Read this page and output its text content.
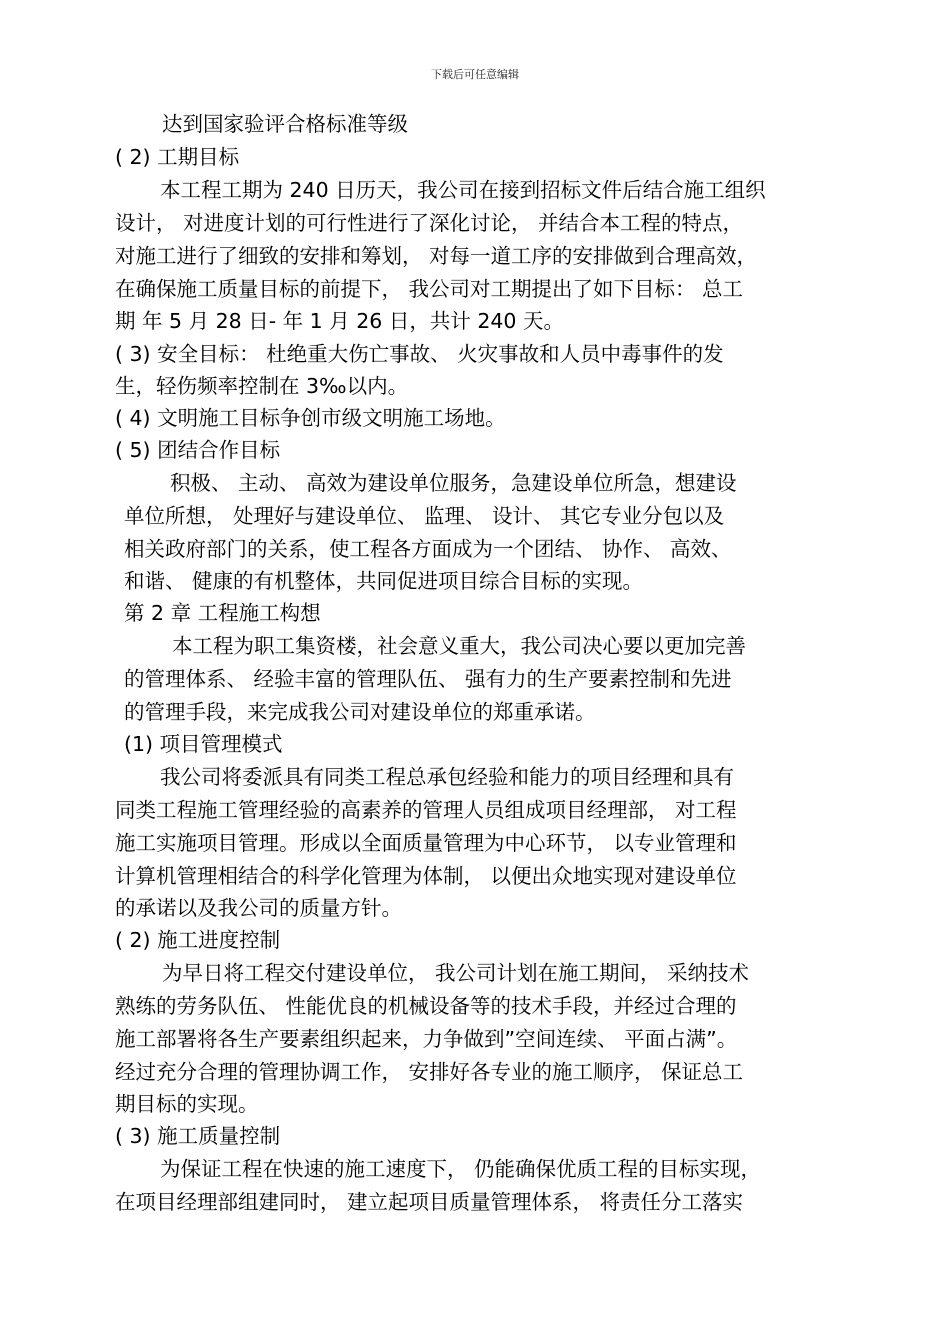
下载后可任意编辑
达到国家验评合格标准等级
( 2) 工期目标
本工程工期为 240 日历天，我公司在接到招标文件后结合施工组织
设计， 对进度计划的可行性进行了深化讨论， 并结合本工程的特点，
对施工进行了细致的安排和筹划， 对每一道工序的安排做到合理高效，
在确保施工质量目标的前提下， 我公司对工期提出了如下目标： 总工
期 年 5 月 28 日- 年 1 月 26 日，共计 240 天。
( 3) 安全目标： 杜绝重大伤亡事故、 火灾事故和人员中毒事件的发
生，轻伤频率控制在 3‰以内。
( 4) 文明施工目标争创市级文明施工场地。
( 5) 团结合作目标
积极、 主动、 高效为建设单位服务，急建设单位所急，想建设
单位所想， 处理好与建设单位、 监理、 设计、 其它专业分包以及
相关政府部门的关系，使工程各方面成为一个团结、 协作、 高效、
和谐、 健康的有机整体，共同促进项目综合目标的实现。
第 2 章 工程施工构想
本工程为职工集资楼，社会意义重大，我公司决心要以更加完善
的管理体系、 经验丰富的管理队伍、 强有力的生产要素控制和先进
的管理手段，来完成我公司对建设单位的郑重承诺。
(1) 项目管理模式
我公司将委派具有同类工程总承包经验和能力的项目经理和具有
同类工程施工管理经验的高素养的管理人员组成项目经理部， 对工程
施工实施项目管理。形成以全面质量管理为中心环节， 以专业管理和
计算机管理相结合的科学化管理为体制， 以便出众地实现对建设单位
的承诺以及我公司的质量方针。
( 2) 施工进度控制
为早日将工程交付建设单位， 我公司计划在施工期间， 采纳技术
熟练的劳务队伍、 性能优良的机械设备等的技术手段，并经过合理的
施工部署将各生产要素组织起来，力争做到”空间连续、 平面占满”。
经过充分合理的管理协调工作， 安排好各专业的施工顺序， 保证总工
期目标的实现。
( 3) 施工质量控制
为保证工程在快速的施工速度下， 仍能确保优质工程的目标实现，
在项目经理部组建同时， 建立起项目质量管理体系， 将责任分工落实
